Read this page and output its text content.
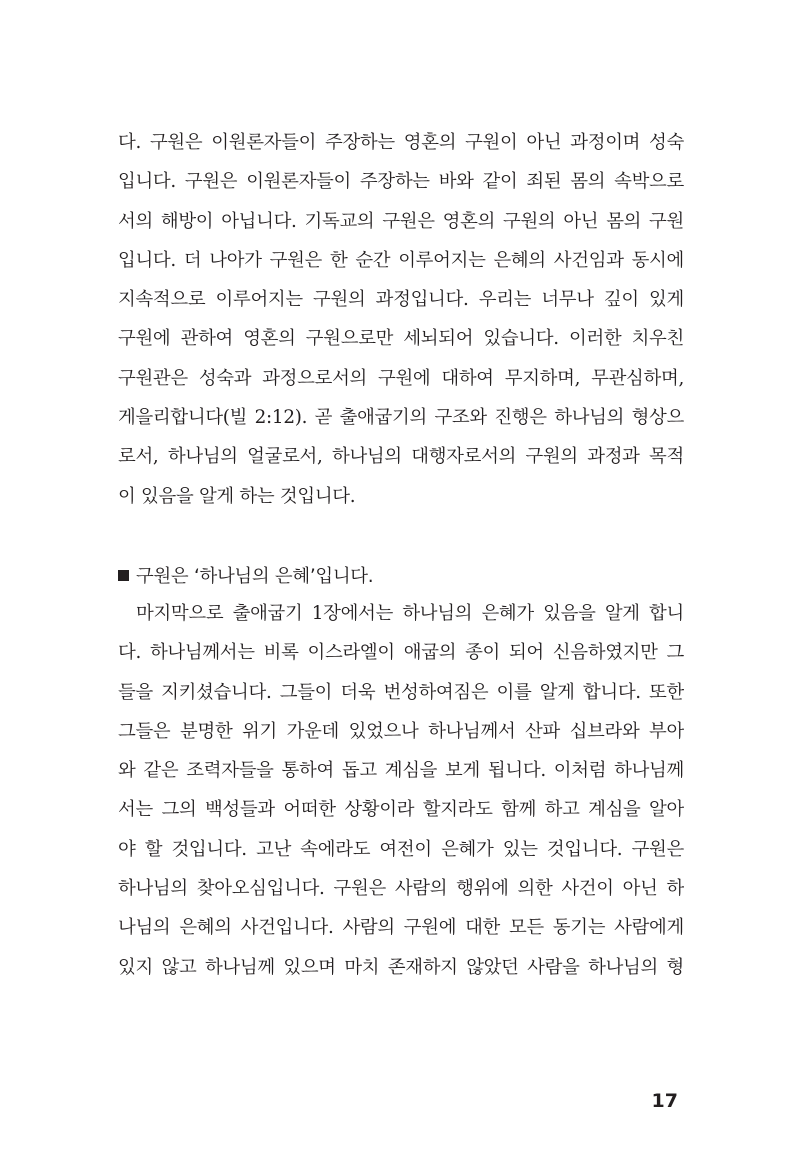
다. 구원은 이원론자들이 주장하는 영혼의 구원이 아닌 과정이며 성숙
입니다. 구원은 이원론자들이 주장하는 바와 같이 죄된 몸의 속박으로
서의 해방이 아닙니다. 기독교의 구원은 영혼의 구원의 아닌 몸의 구원
입니다. 더 나아가 구원은 한 순간 이루어지는 은혜의 사건임과 동시에
지속적으로 이루어지는 구원의 과정입니다. 우리는 너무나 깊이 있게
구원에 관하여 영혼의 구원으로만 세뇌되어 있습니다. 이러한 치우친
구원관은 성숙과 과정으로서의 구원에 대하여 무지하며, 무관심하며,
게을리합니다(빌 2:12). 곧 출애굽기의 구조와 진행은 하나님의 형상으
로서, 하나님의 얼굴로서, 하나님의 대행자로서의 구원의 과정과 목적
이 있음을 알게 하는 것입니다.
구원은 ‘하나님의 은혜’입니다.
마지막으로 출애굽기 1장에서는 하나님의 은혜가 있음을 알게 합니
다. 하나님께서는 비록 이스라엘이 애굽의 종이 되어 신음하였지만 그
들을 지키셨습니다. 그들이 더욱 번성하여짐은 이를 알게 합니다. 또한
그들은 분명한 위기 가운데 있었으나 하나님께서 산파 십브라와 부아
와 같은 조력자들을 통하여 돕고 계심을 보게 됩니다. 이처럼 하나님께
서는 그의 백성들과 어떠한 상황이라 할지라도 함께 하고 계심을 알아
야 할 것입니다. 고난 속에라도 여전이 은혜가 있는 것입니다. 구원은
하나님의 찾아오심입니다. 구원은 사람의 행위에 의한 사건이 아닌 하
나님의 은혜의 사건입니다. 사람의 구원에 대한 모든 동기는 사람에게
있지 않고 하나님께 있으며 마치 존재하지 않았던 사람을 하나님의 형
17
